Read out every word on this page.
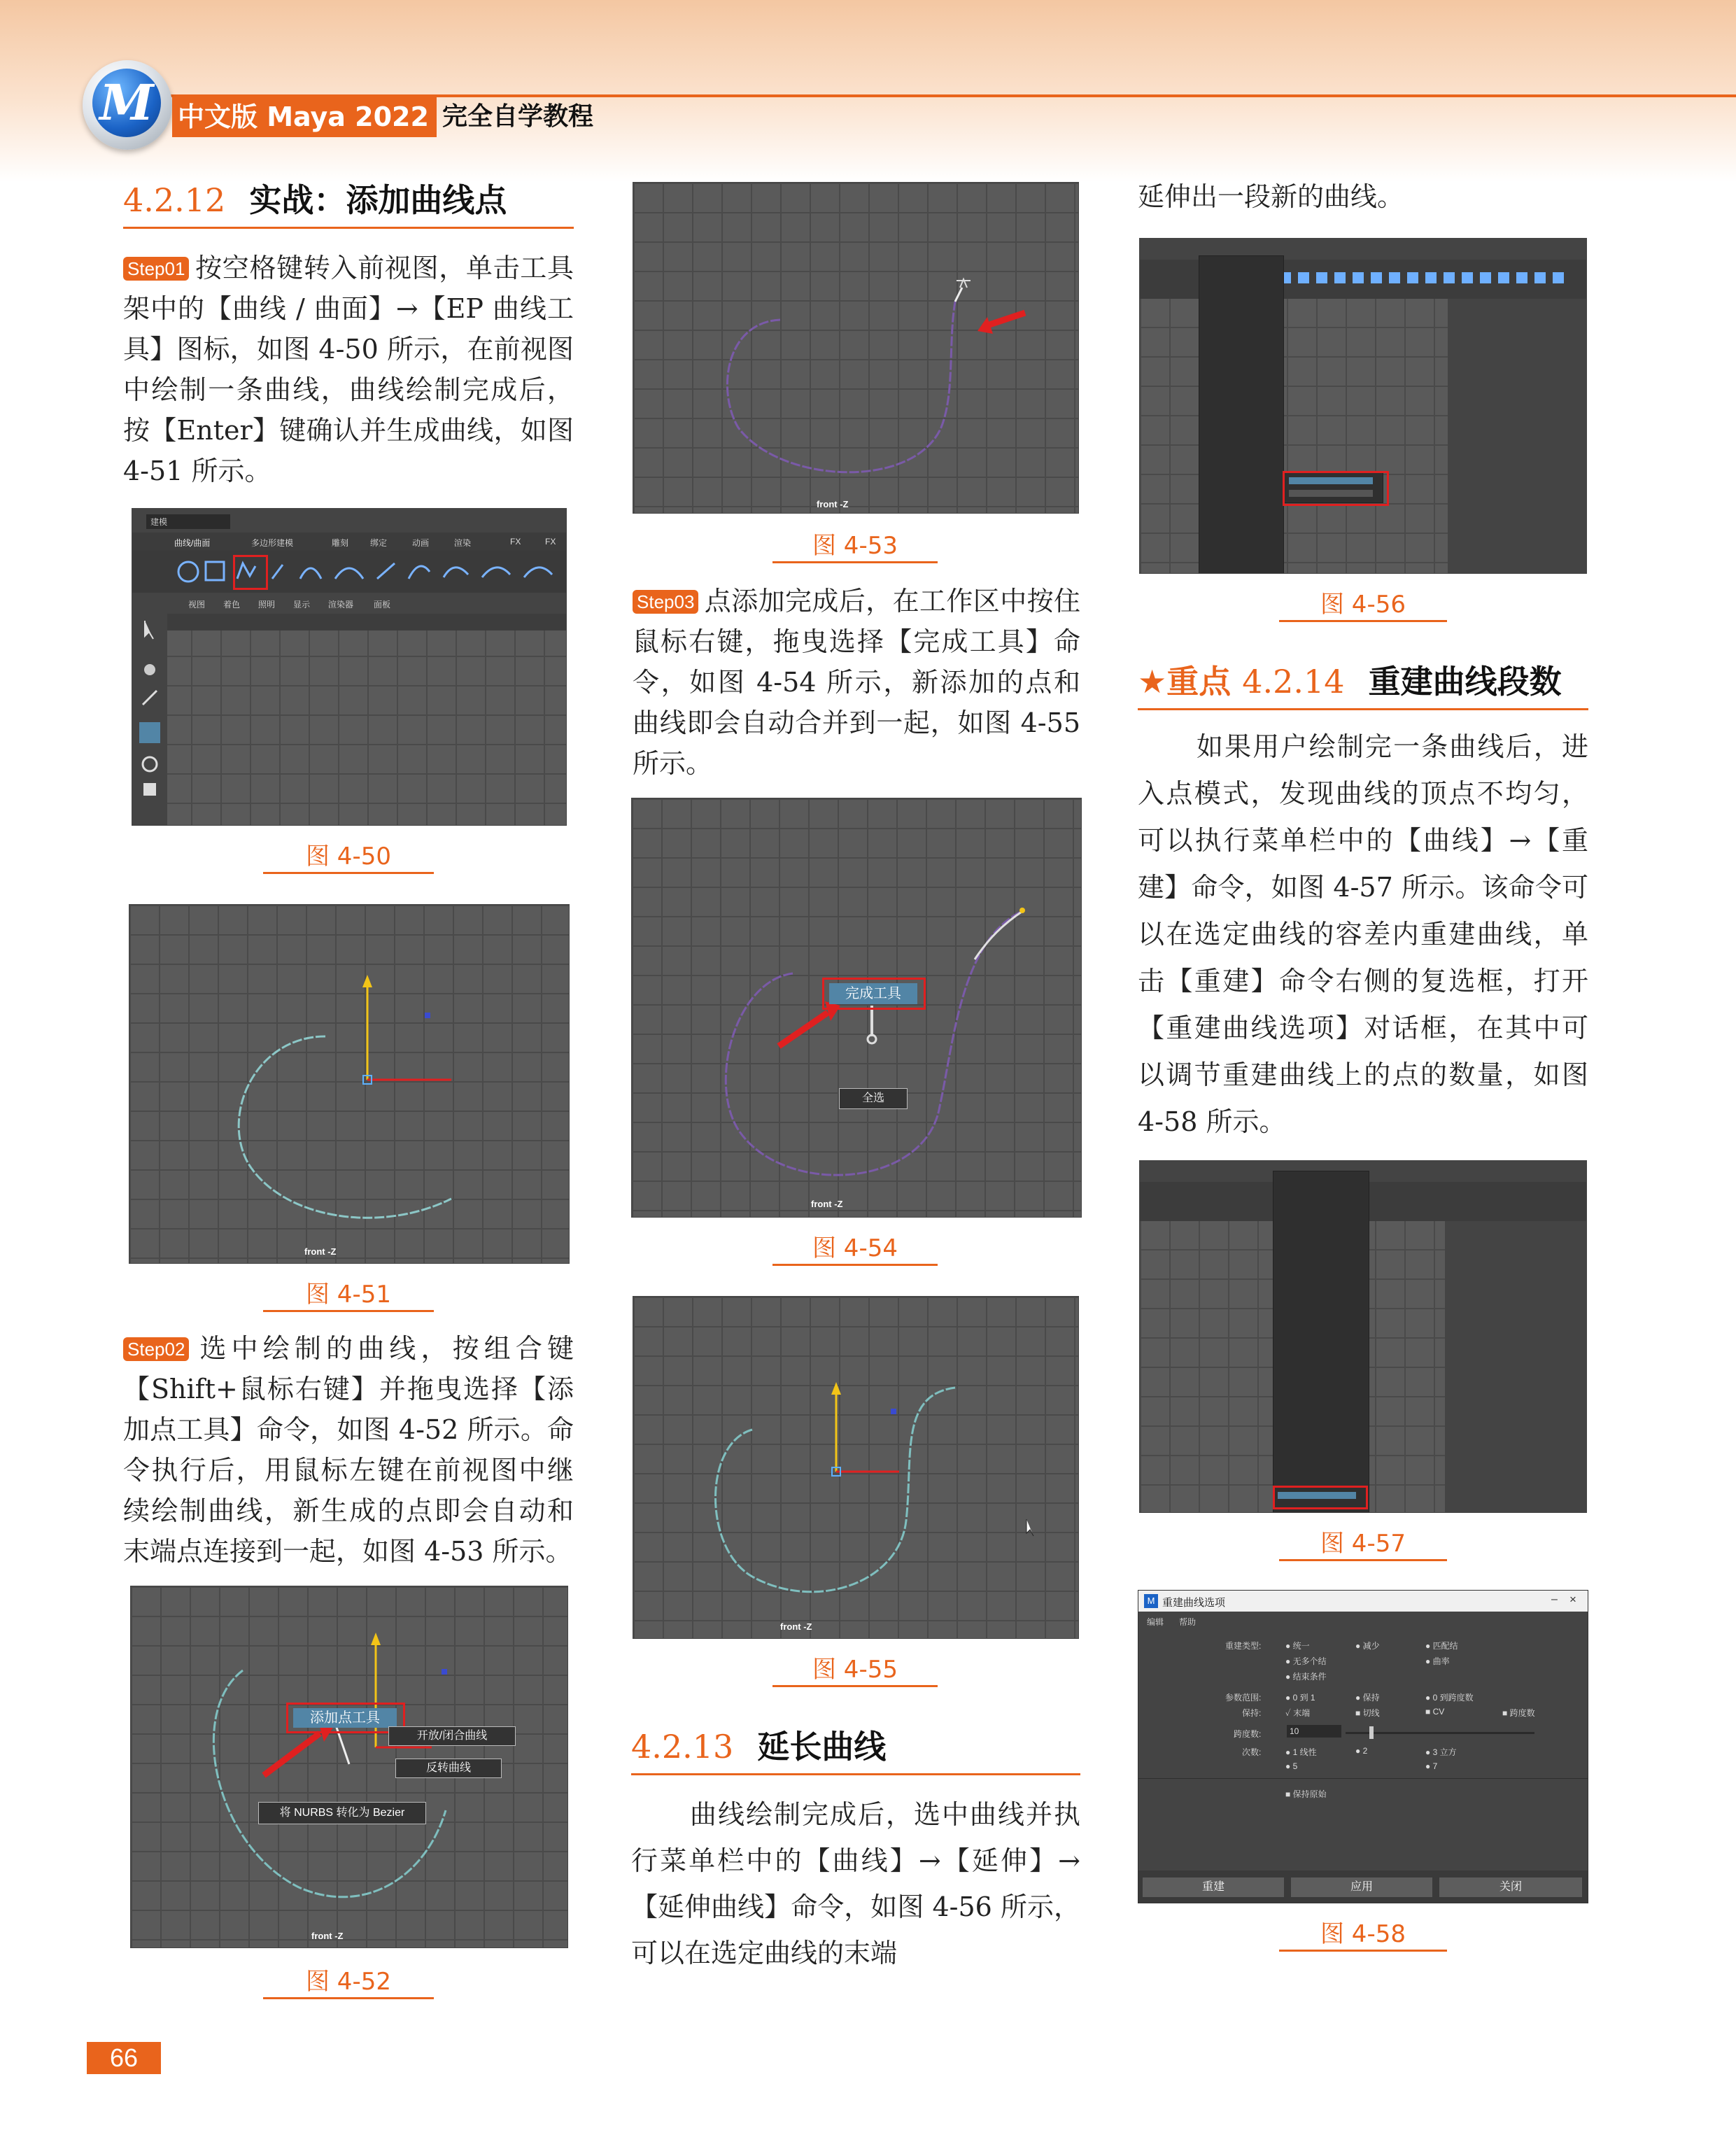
M 中文版 Maya 2022 完全自学教程
4.2.12 实战：添加曲线点
Step01 按空格键转入前视图，单击工具架中的【曲线 / 曲面】→【EP 曲线工具】图标，如图 4-50 所示，在前视图中绘制一条曲线，曲线绘制完成后，按【Enter】键确认并生成曲线，如图 4-51 所示。
建模
曲线/曲面	多边形建模	雕刻	绑定	动画	渲染	FX	FX
视图 着色 照明 显示 渲染器 面板
图 4-50
front -Z
图 4-51
Step02 选中绘制的曲线，按组合键【Shift+鼠标右键】并拖曳选择【添加点工具】命令，如图 4-52 所示。命令执行后，用鼠标左键在前视图中继续绘制曲线，新生成的点即会自动和末端点连接到一起，如图 4-53 所示。
添加点工具
开放/闭合曲线
反转曲线
将 NURBS 转化为 Bezier
front -Z
图 4-52
front -Z
图 4-53
Step03 点添加完成后，在工作区中按住鼠标右键，拖曳选择【完成工具】命令，如图 4-54 所示，新添加的点和曲线即会自动合并到一起，如图 4-55 所示。
完成工具
全选
front -Z
图 4-54
front -Z
图 4-55
4.2.13 延长曲线
曲线绘制完成后，选中曲线并执行菜单栏中的【曲线】→【延伸】→【延伸曲线】命令，如图 4-56 所示，可以在选定曲线的末端
延伸出一段新的曲线。
图 4-56
★重点 4.2.14 重建曲线段数
如果用户绘制完一条曲线后，进入点模式，发现曲线的顶点不均匀，可以执行菜单栏中的【曲线】→【重建】命令，如图 4-57 所示。该命令可以在选定曲线的容差内重建曲线，单击【重建】命令右侧的复选框，打开【重建曲线选项】对话框，在其中可以调节重建曲线上的点的数量，如图 4-58 所示。
图 4-57
M 重建曲线选项	– ×
编辑 帮助
重建类型:	● 统一	● 减少	● 匹配结
● 无多个结	● 曲率
● 结束条件
参数范围:	● 0 到 1	● 保持	● 0 到跨度数
保持:	✓ 末端	■ 切线	■ CV	■ 跨度数
跨度数:	10
次数:	● 1 线性	● 2	● 3 立方
● 5	● 7
■ 保持原始
重建	应用	关闭
图 4-58
66
